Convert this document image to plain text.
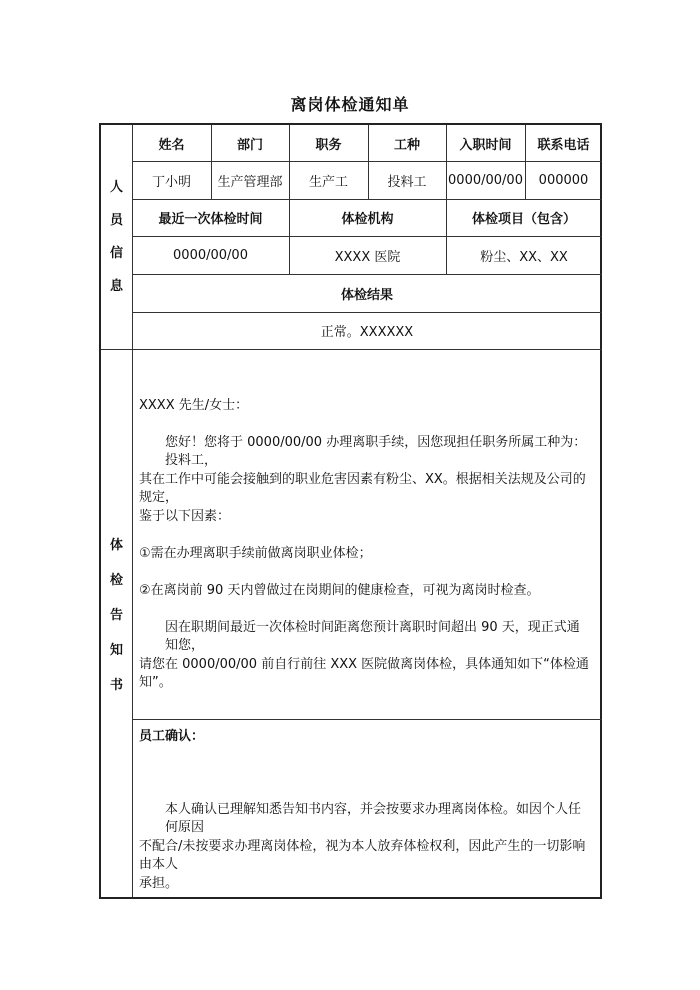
离岗体检通知单
人
员
信
息
体
检
告
知
书
姓名	部门	职务	工种	入职时间	联系电话
丁小明	生产管理部	生产工	投料工	0000/00/00	000000
最近一次体检时间	体检机构	体检项目（包含）
0000/00/00	XXXX 医院	粉尘、XX、XX
体检结果
正常。XXXXXX
XXXX 先生/女士：
您好！您将于 0000/00/00 办理离职手续，因您现担任职务所属工种为：投料工，
其在工作中可能会接触到的职业危害因素有粉尘、XX。根据相关法规及公司的规定，
鉴于以下因素：
①需在办理离职手续前做离岗职业体检；
②在离岗前 90 天内曾做过在岗期间的健康检查，可视为离岗时检查。
因在职期间最近一次体检时间距离您预计离职时间超出 90 天，现正式通知您，
请您在 0000/00/00 前自行前往 XXX 医院做离岗体检，具体通知如下“体检通知”。
员工确认：
本人确认已理解知悉告知书内容，并会按要求办理离岗体检。如因个人任何原因
不配合/未按要求办理离岗体检，视为本人放弃体检权利，因此产生的一切影响由本人
承担。
